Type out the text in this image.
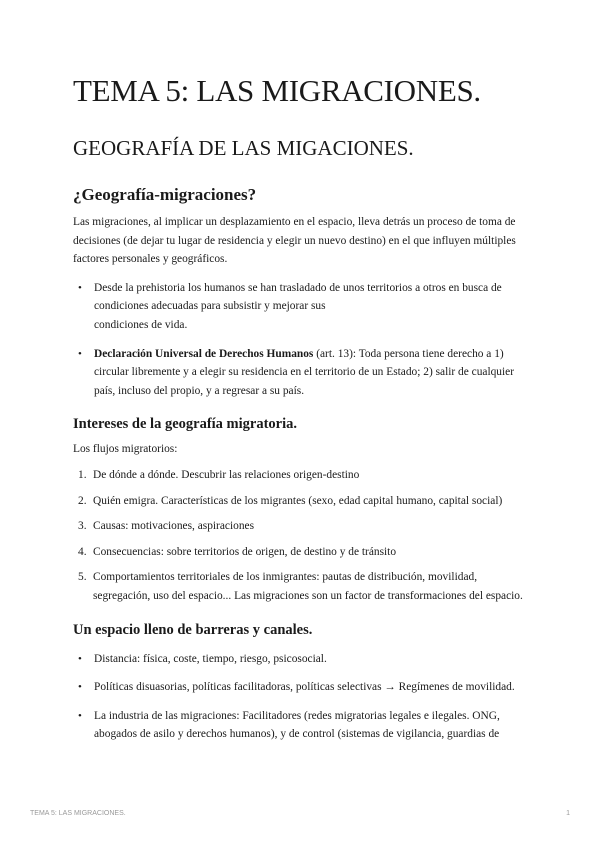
TEMA 5: LAS MIGRACIONES.
GEOGRAFÍA DE LAS MIGACIONES.
¿Geografía-migraciones?

Las migraciones, al implicar un desplazamiento en el espacio, lleva detrás un proceso de toma de decisiones (de dejar tu lugar de residencia y elegir un nuevo destino) en el que influyen múltiples factores personales y geográficos.

• Desde la prehistoria los humanos se han trasladado de unos territorios a otros en busca de condiciones adecuadas para subsistir y mejorar sus
condiciones de vida.
• Declaración Universal de Derechos Humanos (art. 13): Toda persona tiene derecho a 1) circular libremente y a elegir su residencia en el territorio de un Estado; 2) salir de cualquier país, incluso del propio, y a regresar a su país.
Intereses de la geografía migratoria.

Los flujos migratorios:

1. De dónde a dónde. Descubrir las relaciones origen-destino
2. Quién emigra. Características de los migrantes (sexo, edad capital humano, capital social)
3. Causas: motivaciones, aspiraciones
4. Consecuencias: sobre territorios de origen, de destino y de tránsito
5. Comportamientos territoriales de los inmigrantes: pautas de distribución, movilidad, segregación, uso del espacio... Las migraciones son un factor de transformaciones del espacio.
Un espacio lleno de barreras y canales.
• Distancia: física, coste, tiempo, riesgo, psicosocial.
• Políticas disuasorias, políticas facilitadoras, políticas selectivas → Regímenes de movilidad.
• La industria de las migraciones: Facilitadores (redes migratorias legales e ilegales. ONG, abogados de asilo y derechos humanos), y de control (sistemas de vigilancia, guardias de
TEMA 5: LAS MIGRACIONES.	1
